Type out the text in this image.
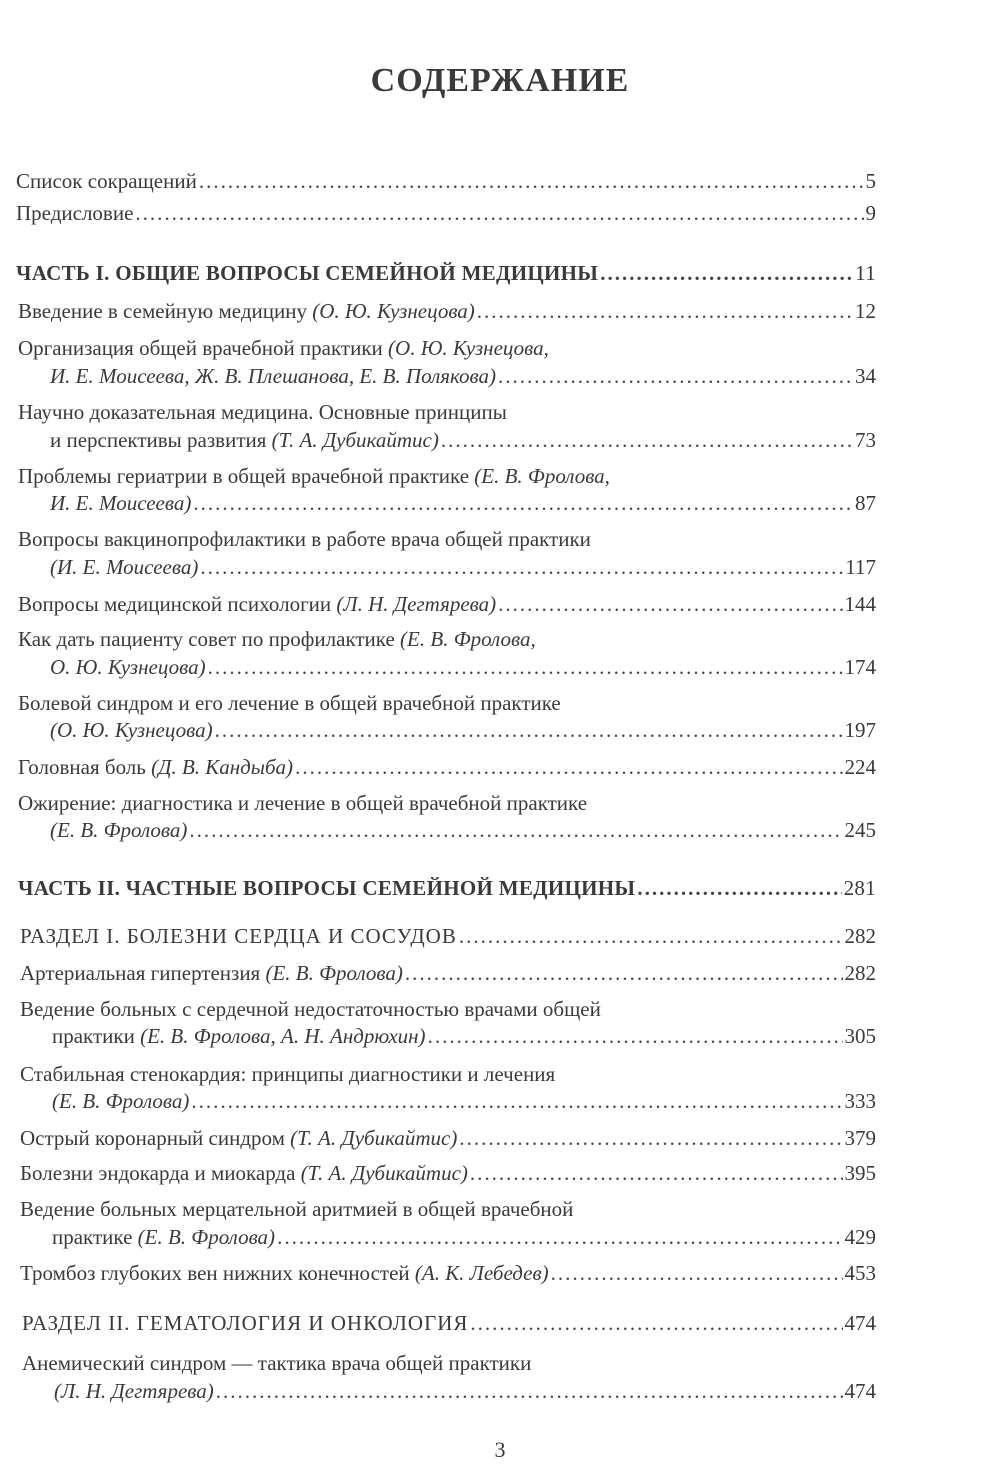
СОДЕРЖАНИЕ
Список сокращений .....	5
Предисловие .....	9
ЧАСТЬ I. ОБЩИЕ ВОПРОСЫ СЕМЕЙНОЙ МЕДИЦИНЫ .....	11
Введение в семейную медицину (О. Ю. Кузнецова) .....	12
Организация общей врачебной практики (О. Ю. Кузнецова,
И. Е. Моисеева, Ж. В. Плешанова, Е. В. Полякова) .....	34
Научно доказательная медицина. Основные принципы
и перспективы развития (Т. А. Дубикайтис) .....	73
Проблемы гериатрии в общей врачебной практике (Е. В. Фролова,
И. Е. Моисеева) .....	87
Вопросы вакцинопрофилактики в работе врача общей практики
(И. Е. Моисеева) .....	117
Вопросы медицинской психологии (Л. Н. Дегтярева) .....	144
Как дать пациенту совет по профилактике (Е. В. Фролова,
О. Ю. Кузнецова) .....	174
Болевой синдром и его лечение в общей врачебной практике
(О. Ю. Кузнецова) .....	197
Головная боль (Д. В. Кандыба) .....	224
Ожирение: диагностика и лечение в общей врачебной практике
(Е. В. Фролова) .....	245
ЧАСТЬ II. ЧАСТНЫЕ ВОПРОСЫ СЕМЕЙНОЙ МЕДИЦИНЫ .....	281
РАЗДЕЛ I. БОЛЕЗНИ СЕРДЦА И СОСУДОВ .....	282
Артериальная гипертензия (Е. В. Фролова) .....	282
Ведение больных с сердечной недостаточностью врачами общей
практики (Е. В. Фролова, А. Н. Андрюхин) .....	305
Стабильная стенокардия: принципы диагностики и лечения
(Е. В. Фролова) .....	333
Острый коронарный синдром (Т. А. Дубикайтис) .....	379
Болезни эндокарда и миокарда (Т. А. Дубикайтис) .....	395
Ведение больных мерцательной аритмией в общей врачебной
практике (Е. В. Фролова) .....	429
Тромбоз глубоких вен нижних конечностей (А. К. Лебедев) .....	453
РАЗДЕЛ II. ГЕМАТОЛОГИЯ И ОНКОЛОГИЯ .....	474
Анемический синдром — тактика врача общей практики
(Л. Н. Дегтярева) .....	474
3
